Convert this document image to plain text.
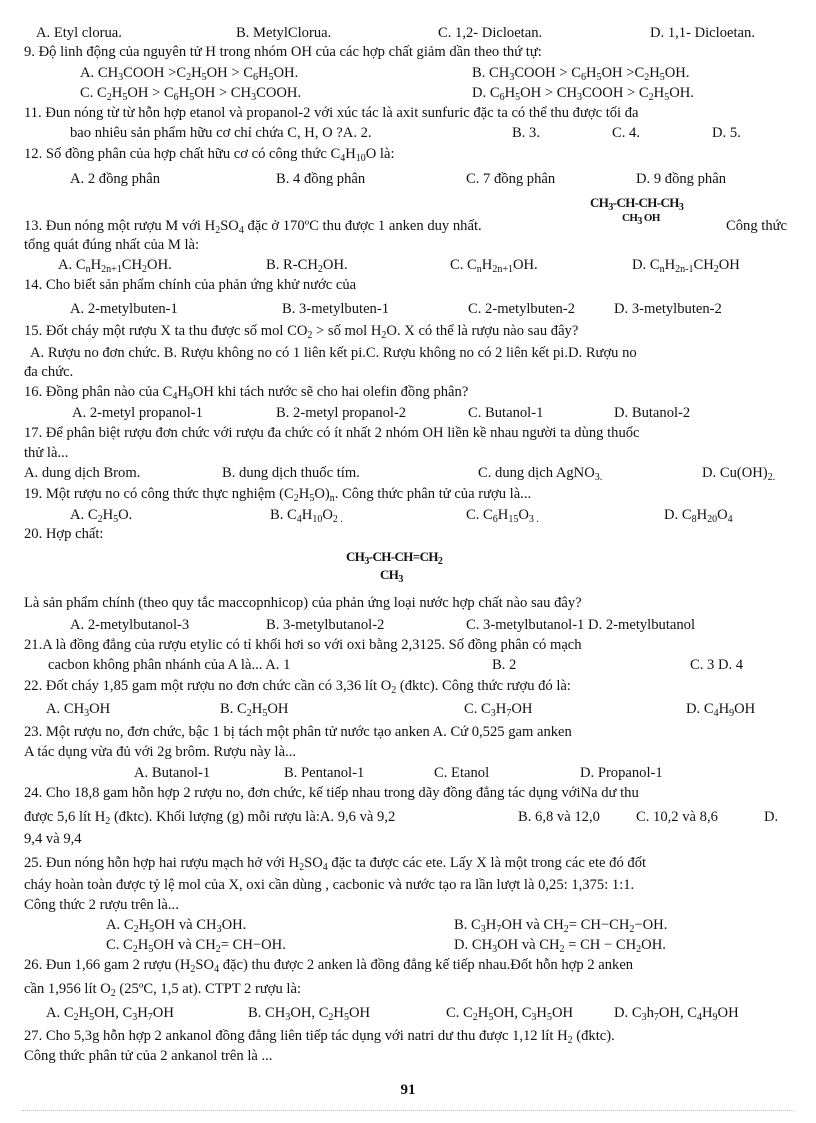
A. Etyl clorua.	B. MetylClorua.	C. 1,2- Dicloetan.	D. 1,1- Dicloetan.
9. Độ linh động của nguyên tử H trong nhóm OH của các hợp chất giảm dần theo thứ tự:
A. $CH_3COOH >C_2H_5OH > C_6H_5OH$.	B. $CH_3COOH > C_6H_5OH >C_2H_5OH$.
C. $C_2H_5OH > C_6H_5OH$ > $CH_3COOH$.	D. $C_6H_5OH$ > $CH_3COOH > C_2H_5OH$.
11. Đun nóng từ từ hỗn hợp etanol và propanol-2 với xúc tác là axit sunfuric đặc ta có thể thu được tối đa
bao nhiêu sản phẩm hữu cơ chỉ chứa C, H, O ?A. 2.	B. 3.	C. 4.	D. 5.
12. Số đồng phân của hợp chất hữu cơ có công thức $C_4H_{10}O$ là:
A. 2 đồng phân	B. 4 đồng phân	C. 7 đồng phân	D. 9 đồng phân
$CH_3-CH-CH-CH_3$
$CH_3$ OH
13. Đun nóng một rượu M với $H_2SO_4$ đặc ở 170ºC thu được 1 anken duy nhất.	Công thức
tổng quát đúng nhất của M là:
A. $C_nH_{2n+1}CH_2OH$.	B. $R-CH_2OH$.	C. $C_nH_{2n+1}OH$.	D. $C_nH_{2n-1}CH_2OH$
14. Cho biết sản phẩm chính của phản ứng khử nước của
A. 2-metylbuten-1	B. 3-metylbuten-1	C. 2-metylbuten-2	D. 3-metylbuten-2
15. Đốt cháy một rượu X ta thu được số mol $CO_2$ > số mol $H_2O$. X có thể là rượu nào sau đây?
A. Rượu no đơn chức. B. Rượu không no có 1 liên kết pi.C. Rượu không no có 2 liên kết pi.D. Rượu no
đa chức.
16. Đồng phân nào của $C_4H_9OH$ khi tách nước sẽ cho hai olefin đồng phân?
A. 2-metyl propanol-1	B. 2-metyl propanol-2	C. Butanol-1	D. Butanol-2
17. Để phân biệt rượu đơn chức với rượu đa chức có ít nhất 2 nhóm OH liền kề nhau người ta dùng thuốc
thử là...
A. dung dịch Brom.	B. dung dịch thuốc tím.	C. dung dịch AgNO$_{3.}$	D. $Cu(OH)_{2.}$
19. Một rượu no có công thức thực nghiệm $(C_2H_5O)_n$. Công thức phân tử của rượu là...
A. $C_2H_5O$.	B. $C_4H_{10}O_{2 .}$	C. $C_6H_{15}O_{3 .}$	D. $C_8H_{20}O_4$
20. Hợp chất:
$CH_3-CH-CH=CH_2$
$CH_3$
Là sản phẩm chính (theo quy tắc maccopnhicop) của phản ứng loại nước hợp chất nào sau đây?
A. 2-metylbutanol-3	B. 3-metylbutanol-2	C. 3-metylbutanol-1 D. 2-metylbutanol
21.A là đồng đẳng của rượu etylic có tỉ khối hơi so với oxi bằng 2,3125. Số đồng phân có mạch
cacbon không phân nhánh của A là... A. 1	B. 2	C. 3 D. 4
22. Đốt cháy 1,85 gam một rượu no đơn chức cần có 3,36 lít $O_2$ (đktc). Công thức rượu đó là:
A. $CH_3OH$	B. $C_2H_5OH$	C. $C_3H_7OH$	D. $C_4H_9OH$
23. Một rượu no, đơn chức, bậc 1 bị tách một phân tử nước tạo anken A. Cứ 0,525 gam anken
A tác dụng vừa đủ với 2g brôm. Rượu này là...
A. Butanol-1	B. Pentanol-1	C. Etanol	D. Propanol-1
24. Cho 18,8 gam hỗn hợp 2 rượu no, đơn chức, kế tiếp nhau trong dãy đồng đẳng tác dụng vớiNa dư thu
được 5,6 lít $H_2$ (đktc). Khối lượng (g) mỗi rượu là:A. 9,6 và 9,2	B. 6,8 và 12,0 C. 10,2 và 8,6	D.
9,4 và 9,4
25. Đun nóng hỗn hợp hai rượu mạch hở với $H_2SO_4$ đặc ta được các ete. Lấy X là một trong các ete đó đốt
cháy hoàn toàn được tỷ lệ mol của X, oxi cần dùng , cacbonic và nước tạo ra lần lượt là 0,25: 1,375: 1:1.
Công thức 2 rượu trên là...
A. $C_2H_5OH$ và $CH_3OH$.	B. $C_3H_7OH$ và $CH_2= CH-CH_2-OH$.
C. $C_2H_5OH$ và $CH_2= CH-OH$.	D. $CH_3OH$ và $CH_2$ = CH − $CH_2OH$.
26. Đun 1,66 gam 2 rượu ($H_2SO_4$ đặc) thu được 2 anken là đồng đẳng kế tiếp nhau.Đốt hỗn hợp 2 anken
cần 1,956 lít $O_2$ (25ºC, 1,5 at). CTPT 2 rượu là:
A. $C_2H_5OH$, $C_3H_7OH$	B. $CH_3OH$, $C_2H_5OH$	C. $C_2H_5OH$, $C_3H_5OH$	D. $C_3h_7OH$, $C_4H_9OH$
27. Cho 5,3g hỗn hợp 2 ankanol đồng đẳng liên tiếp tác dụng với natri dư thu được 1,12 lít $H_2$ (đktc).
Công thức phân tử của 2 ankanol trên là ...
91
